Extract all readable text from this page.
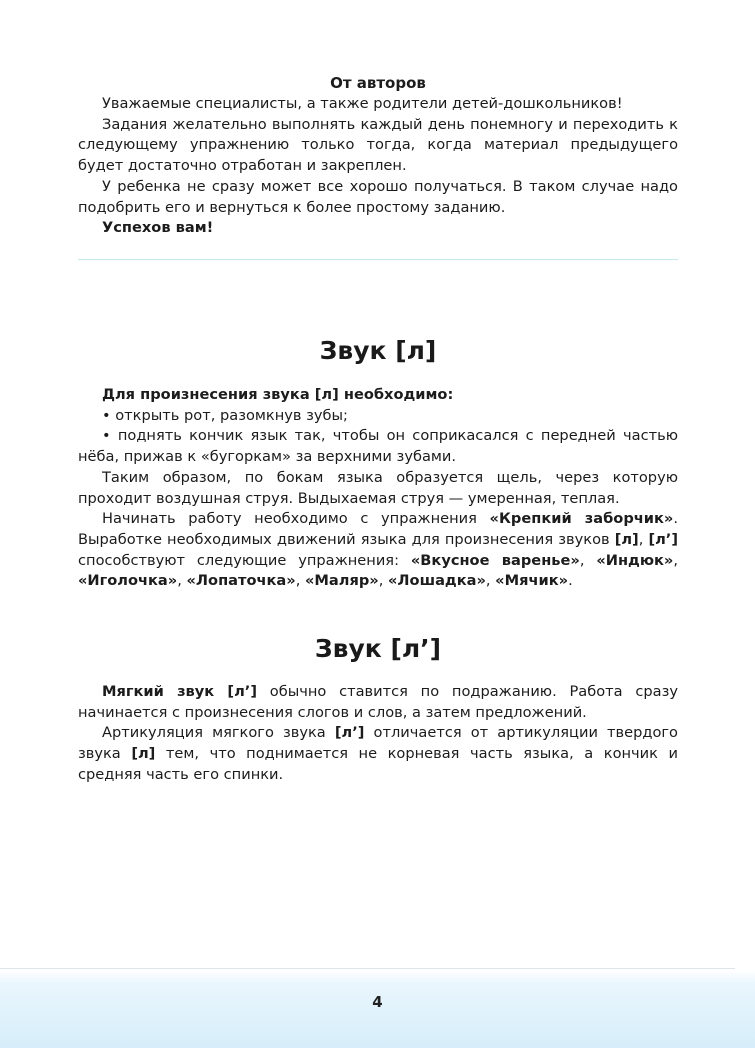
От авторов

Уважаемые специалисты, а также родители детей-дошкольников!

Задания желательно выполнять каждый день понемногу и переходить к следующему упражнению только тогда, когда материал предыдущего будет достаточно отработан и закреплен.

У ребенка не сразу может все хорошо получаться. В таком случае надо подобрить его и вернуться к более простому заданию.

Успехов вам!

Звук [л]

Для произнесения звука [л] необходимо:

• открыть рот, разомкнув зубы;

• поднять кончик язык так, чтобы он соприкасался с передней частью нёба, прижав к «бугоркам» за верхними зубами.

Таким образом, по бокам языка образуется щель, через которую проходит воздушная струя. Выдыхаемая струя — умеренная, теплая.

Начинать работу необходимо с упражнения «Крепкий заборчик». Выработке необходимых движений языка для произнесения звуков [л], [л’] способствуют следующие упражнения: «Вкусное варенье», «Индюк», «Иголочка», «Лопаточка», «Маляр», «Лошадка», «Мячик».

Звук [л’]

Мягкий звук [л’] обычно ставится по подражанию. Работа сразу начинается с произнесения слогов и слов, а затем предложений.

Артикуляция мягкого звука [л’] отличается от артикуляции твердого звука [л] тем, что поднимается не корневая часть языка, а кончик и средняя часть его спинки.

4
